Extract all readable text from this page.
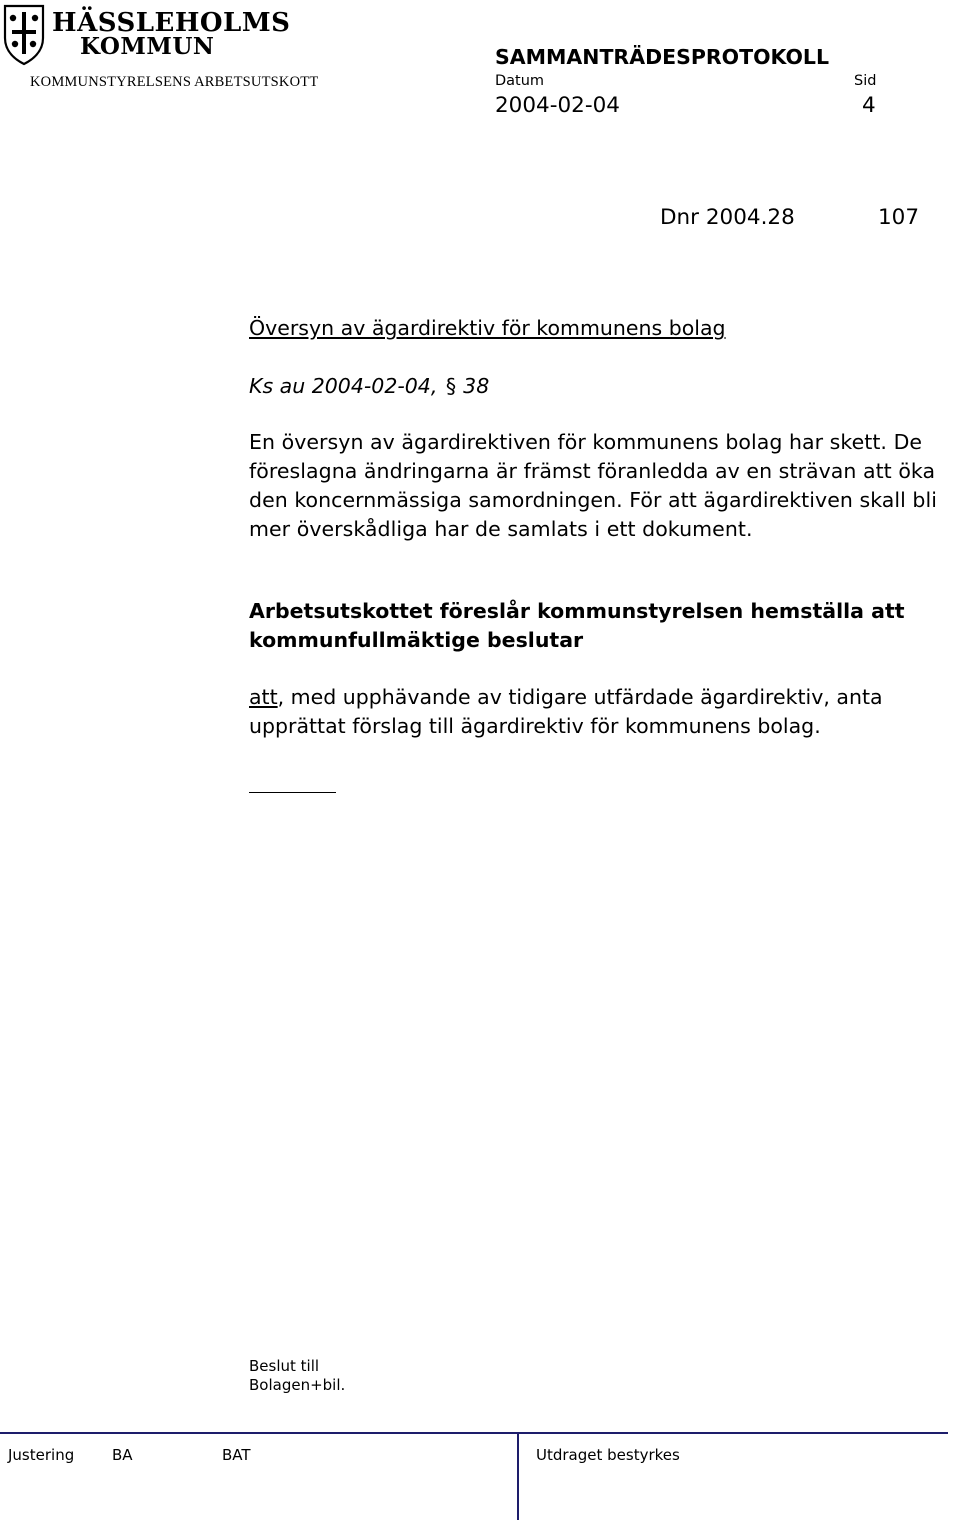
HÄSSLEHOLMS
KOMMUN
KOMMUNSTYRELSENS ARBETSUTSKOTT
SAMMANTRÄDESPROTOKOLL
Datum	Sid
2004-02-04	4
Dnr 2004.28	107
Översyn av ägardirektiv för kommunens bolag
Ks au 2004-02-04, § 38
En översyn av ägardirektiven för kommunens bolag har skett. De föreslagna ändringarna är främst föranledda av en strävan att öka den koncernmässiga samordningen. För att ägardirektiven skall bli mer överskådliga har de samlats i ett dokument.
Arbetsutskottet föreslår kommunstyrelsen hemställa att kommunfullmäktige beslutar
att, med upphävande av tidigare utfärdade ägardirektiv, anta upprättat förslag till ägardirektiv för kommunens bolag.
Beslut till
Bolagen+bil.
Justering	BA	BAT	Utdraget bestyrkes
